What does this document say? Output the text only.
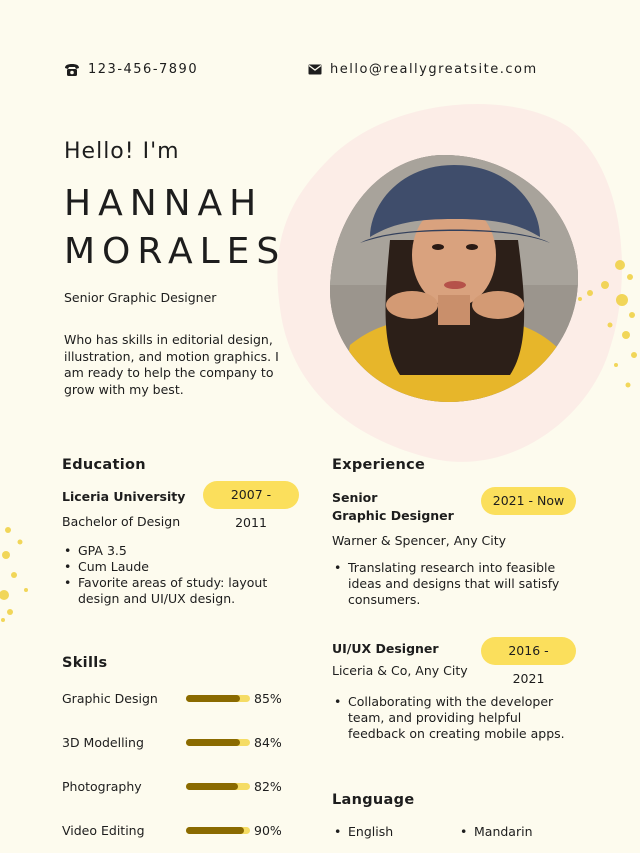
123-456-7890	hello@reallygreatsite.com
Hello! I'm
HANNAH
MORALES
Senior Graphic Designer
Who has skills in editorial design, illustration, and motion graphics. I am ready to help the company to grow with my best.
Education
Liceria University	2007 - 2011
Bachelor of Design
• GPA 3.5
• Cum Laude
• Favorite areas of study: layout design and UI/UX design.
Skills
Graphic Design	85%
3D Modelling	84%
Photography	82%
Video Editing	90%
Experience
Senior
Graphic Designer
2021 - Now
Warner & Spencer, Any City
• Translating research into feasible ideas and designs that will satisfy consumers.
UI/UX Designer	2016 - 2021
Liceria & Co, Any City
• Collaborating with the developer team, and providing helpful feedback on creating mobile apps.
Language
• English
•	Mandarin
